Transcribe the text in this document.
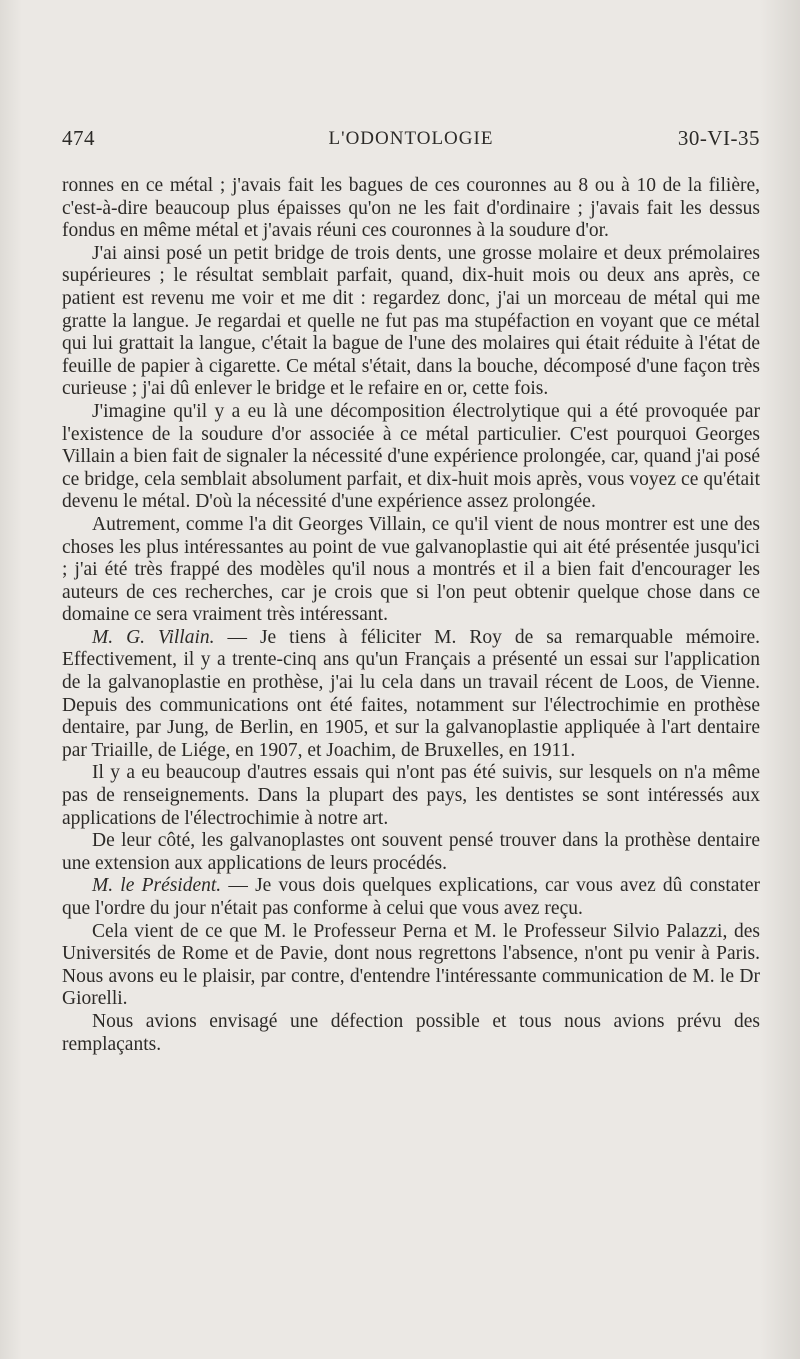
474	L'ODONTOLOGIE	30-VI-35

ronnes en ce métal ; j'avais fait les bagues de ces couronnes au 8 ou à 10 de la filière, c'est-à-dire beaucoup plus épaisses qu'on ne les fait d'ordinaire ; j'avais fait les dessus fondus en même métal et j'avais réuni ces couronnes à la soudure d'or.

J'ai ainsi posé un petit bridge de trois dents, une grosse molaire et deux prémolaires supérieures ; le résultat semblait parfait, quand, dix-huit mois ou deux ans après, ce patient est revenu me voir et me dit : regardez donc, j'ai un morceau de métal qui me gratte la langue. Je regardai et quelle ne fut pas ma stupéfaction en voyant que ce métal qui lui grattait la langue, c'était la bague de l'une des molaires qui était réduite à l'état de feuille de papier à cigarette. Ce métal s'était, dans la bouche, décomposé d'une façon très curieuse ; j'ai dû enlever le bridge et le refaire en or, cette fois.

J'imagine qu'il y a eu là une décomposition électrolytique qui a été provoquée par l'existence de la soudure d'or associée à ce métal particulier. C'est pourquoi Georges Villain a bien fait de signaler la nécessité d'une expérience prolongée, car, quand j'ai posé ce bridge, cela semblait absolument parfait, et dix-huit mois après, vous voyez ce qu'était devenu le métal. D'où la nécessité d'une expérience assez prolongée.

Autrement, comme l'a dit Georges Villain, ce qu'il vient de nous montrer est une des choses les plus intéressantes au point de vue galvanoplastie qui ait été présentée jusqu'ici ; j'ai été très frappé des modèles qu'il nous a montrés et il a bien fait d'encourager les auteurs de ces recherches, car je crois que si l'on peut obtenir quelque chose dans ce domaine ce sera vraiment très intéressant.

M. G. Villain. — Je tiens à féliciter M. Roy de sa remarquable mémoire. Effectivement, il y a trente-cinq ans qu'un Français a présenté un essai sur l'application de la galvanoplastie en prothèse, j'ai lu cela dans un travail récent de Loos, de Vienne. Depuis des communications ont été faites, notamment sur l'électrochimie en prothèse dentaire, par Jung, de Berlin, en 1905, et sur la galvanoplastie appliquée à l'art dentaire par Triaille, de Liége, en 1907, et Joachim, de Bruxelles, en 1911.

Il y a eu beaucoup d'autres essais qui n'ont pas été suivis, sur lesquels on n'a même pas de renseignements. Dans la plupart des pays, les dentistes se sont intéressés aux applications de l'électrochimie à notre art.

De leur côté, les galvanoplastes ont souvent pensé trouver dans la prothèse dentaire une extension aux applications de leurs procédés.

M. le Président. — Je vous dois quelques explications, car vous avez dû constater que l'ordre du jour n'était pas conforme à celui que vous avez reçu.

Cela vient de ce que M. le Professeur Perna et M. le Professeur Silvio Palazzi, des Universités de Rome et de Pavie, dont nous regrettons l'absence, n'ont pu venir à Paris. Nous avons eu le plaisir, par contre, d'entendre l'intéressante communication de M. le Dr Giorelli.

Nous avions envisagé une défection possible et tous nous avions prévu des remplaçants.
